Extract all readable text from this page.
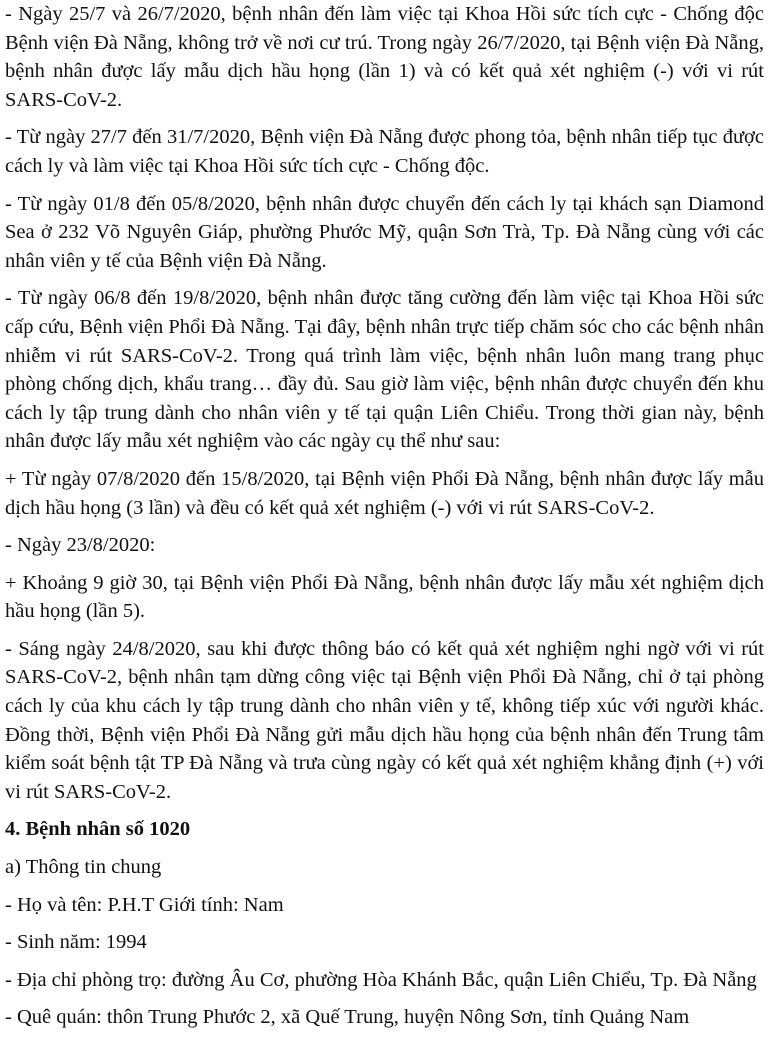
- Ngày 25/7 và 26/7/2020, bệnh nhân đến làm việc tại Khoa Hồi sức tích cực - Chống độc Bệnh viện Đà Nẵng, không trở về nơi cư trú. Trong ngày 26/7/2020, tại Bệnh viện Đà Nẵng, bệnh nhân được lấy mẫu dịch hầu họng (lần 1) và có kết quả xét nghiệm (-) với vi rút SARS-CoV-2.

- Từ ngày 27/7 đến 31/7/2020, Bệnh viện Đà Nẵng được phong tỏa, bệnh nhân tiếp tục được cách ly và làm việc tại Khoa Hồi sức tích cực - Chống độc.

- Từ ngày 01/8 đến 05/8/2020, bệnh nhân được chuyển đến cách ly tại khách sạn Diamond Sea ở 232 Võ Nguyên Giáp, phường Phước Mỹ, quận Sơn Trà, Tp. Đà Nẵng cùng với các nhân viên y tế của Bệnh viện Đà Nẵng.

- Từ ngày 06/8 đến 19/8/2020, bệnh nhân được tăng cường đến làm việc tại Khoa Hồi sức cấp cứu, Bệnh viện Phổi Đà Nẵng. Tại đây, bệnh nhân trực tiếp chăm sóc cho các bệnh nhân nhiễm vi rút SARS-CoV-2. Trong quá trình làm việc, bệnh nhân luôn mang trang phục phòng chống dịch, khẩu trang… đầy đủ. Sau giờ làm việc, bệnh nhân được chuyển đến khu cách ly tập trung dành cho nhân viên y tế tại quận Liên Chiểu. Trong thời gian này, bệnh nhân được lấy mẫu xét nghiệm vào các ngày cụ thể như sau:

+ Từ ngày 07/8/2020 đến 15/8/2020, tại Bệnh viện Phổi Đà Nẵng, bệnh nhân được lấy mẫu dịch hầu họng (3 lần) và đều có kết quả xét nghiệm (-) với vi rút SARS-CoV-2.

- Ngày 23/8/2020:

+ Khoảng 9 giờ 30, tại Bệnh viện Phổi Đà Nẵng, bệnh nhân được lấy mẫu xét nghiệm dịch hầu họng (lần 5).

- Sáng ngày 24/8/2020, sau khi được thông báo có kết quả xét nghiệm nghi ngờ với vi rút SARS-CoV-2, bệnh nhân tạm dừng công việc tại Bệnh viện Phổi Đà Nẵng, chỉ ở tại phòng cách ly của khu cách ly tập trung dành cho nhân viên y tế, không tiếp xúc với người khác. Đồng thời, Bệnh viện Phổi Đà Nẵng gửi mẫu dịch hầu họng của bệnh nhân đến Trung tâm kiểm soát bệnh tật TP Đà Nẵng và trưa cùng ngày có kết quả xét nghiệm khẳng định (+) với vi rút SARS-CoV-2.

4. Bệnh nhân số 1020

a) Thông tin chung

- Họ và tên: P.H.T Giới tính: Nam

- Sinh năm: 1994

- Địa chỉ phòng trọ: đường Âu Cơ, phường Hòa Khánh Bắc, quận Liên Chiểu, Tp. Đà Nẵng

- Quê quán: thôn Trung Phước 2, xã Quế Trung, huyện Nông Sơn, tỉnh Quảng Nam
